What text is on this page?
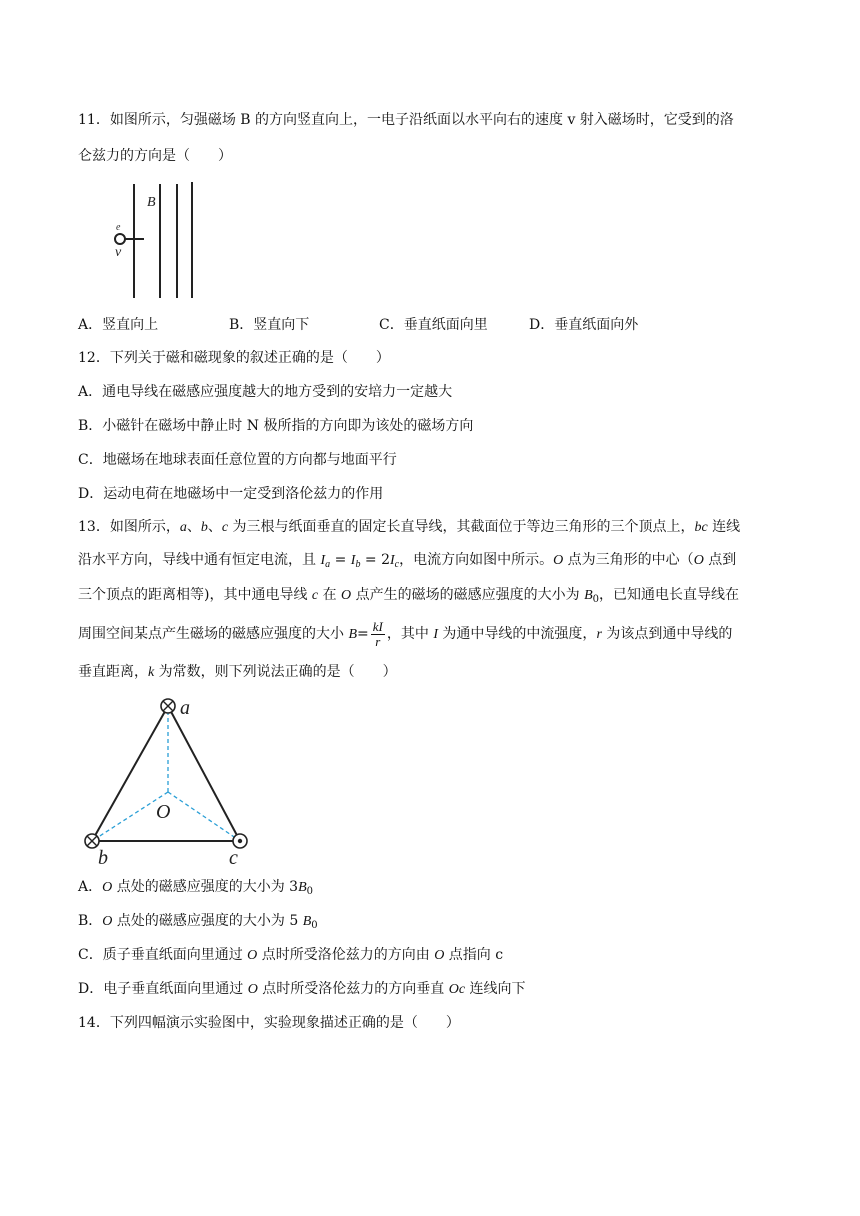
11．如图所示，匀强磁场 B 的方向竖直向上，一电子沿纸面以水平向右的速度 v 射入磁场时，它受到的洛
仑兹力的方向是（　　）
e
v
B
A．竖直向上	B．竖直向下	C．垂直纸面向里	D．垂直纸面向外
12．下列关于磁和磁现象的叙述正确的是（　　）
A．通电导线在磁感应强度越大的地方受到的安培力一定越大
B．小磁针在磁场中静止时 N 极所指的方向即为该处的磁场方向
C．地磁场在地球表面任意位置的方向都与地面平行
D．运动电荷在地磁场中一定受到洛伦兹力的作用
13．如图所示，a、b、c 为三根与纸面垂直的固定长直导线，其截面位于等边三角形的三个顶点上，bc 连线
沿水平方向，导线中通有恒定电流，且 $I_a = I_b = 2I_c$，电流方向如图中所示。O 点为三角形的中心（O 点到
三个顶点的距离相等)，其中通电导线 c 在 O 点产生的磁场的磁感应强度的大小为 $B_0$，已知通电长直导线在
周围空间某点产生磁场的磁感应强度的大小 $B= \frac{kI}{r}$ ，其中 I 为通中导线的中流强度，r 为该点到通中导线的
垂直距离，k 为常数，则下列说法正确的是（　　）
a
b	c
O
A．O 点处的磁感应强度的大小为 $3B_0$
B．O 点处的磁感应强度的大小为 5 $B_0$
C．质子垂直纸面向里通过 O 点时所受洛伦兹力的方向由 O 点指向 c
D．电子垂直纸面向里通过 O 点时所受洛伦兹力的方向垂直 Oc 连线向下
14．下列四幅演示实验图中，实验现象描述正确的是（　　）
